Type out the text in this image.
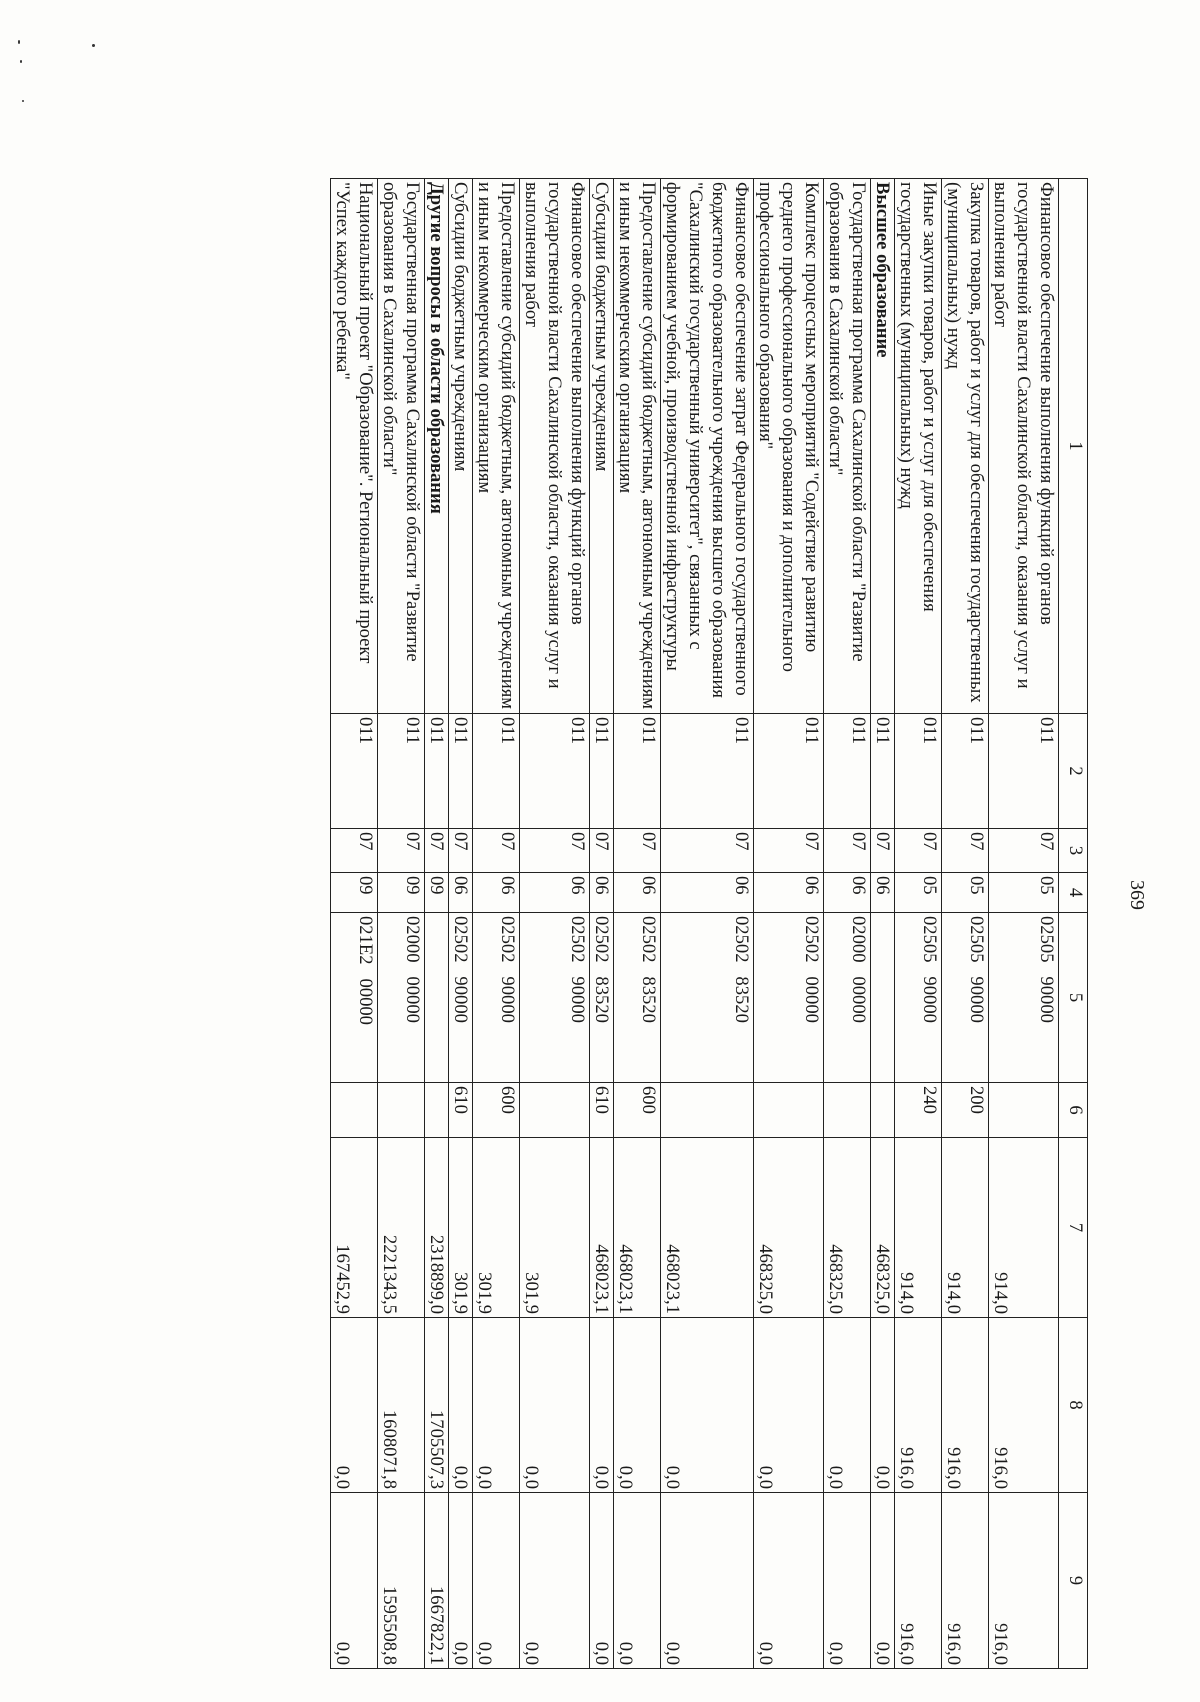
369
1	2	3	4	5	6	7	8	9
Финансовое обеспечение выполнения функций органов государственной власти Сахалинской области, оказания услуг и выполнения работ	011	07	05	02505   90000		914,0	916,0	916,0
Закупка товаров, работ и услуг для обеспечения государственных (муниципальных) нужд	011	07	05	02505   90000	200	914,0	916,0	916,0
Иные закупки товаров, работ и услуг для обеспечения государственных (муниципальных) нужд	011	07	05	02505   90000	240	914,0	916,0	916,0
Высшее образование	011	07	06			468325,0	0,0	0,0
Государственная программа Сахалинской области "Развитие образования в Сахалинской области"	011	07	06	02000   00000		468325,0	0,0	0,0
Комплекс процессных мероприятий "Содействие развитию среднего профессионального образования и дополнительного профессионального образования"	011	07	06	02502   00000		468325,0	0,0	0,0
Финансовое обеспечение затрат Федерального государственного бюджетного образовательного учреждения высшего образования "Сахалинский государственный университет", связанных с формированием учебной, производственной инфраструктуры	011	07	06	02502   83520		468023,1	0,0	0,0
Предоставление субсидий бюджетным, автономным учреждениям и иным некоммерческим организациям	011	07	06	02502   83520	600	468023,1	0,0	0,0
Субсидии бюджетным учреждениям	011	07	06	02502   83520	610	468023,1	0,0	0,0
Финансовое обеспечение выполнения функций органов государственной власти Сахалинской области, оказания услуг и выполнения работ	011	07	06	02502   90000		301,9	0,0	0,0
Предоставление субсидий бюджетным, автономным учреждениям и иным некоммерческим организациям	011	07	06	02502   90000	600	301,9	0,0	0,0
Субсидии бюджетным учреждениям	011	07	06	02502   90000	610	301,9	0,0	0,0
Другие вопросы в области образования	011	07	09			2318899,0	1705507,3	1667822,1
Государственная программа Сахалинской области "Развитие образования в Сахалинской области"	011	07	09	02000   00000		2221343,5	1608071,8	1595508,8
Национальный проект "Образование". Региональный проект "Успех каждого ребенка"	011	07	09	021E2   00000		167452,9	0,0	0,0
